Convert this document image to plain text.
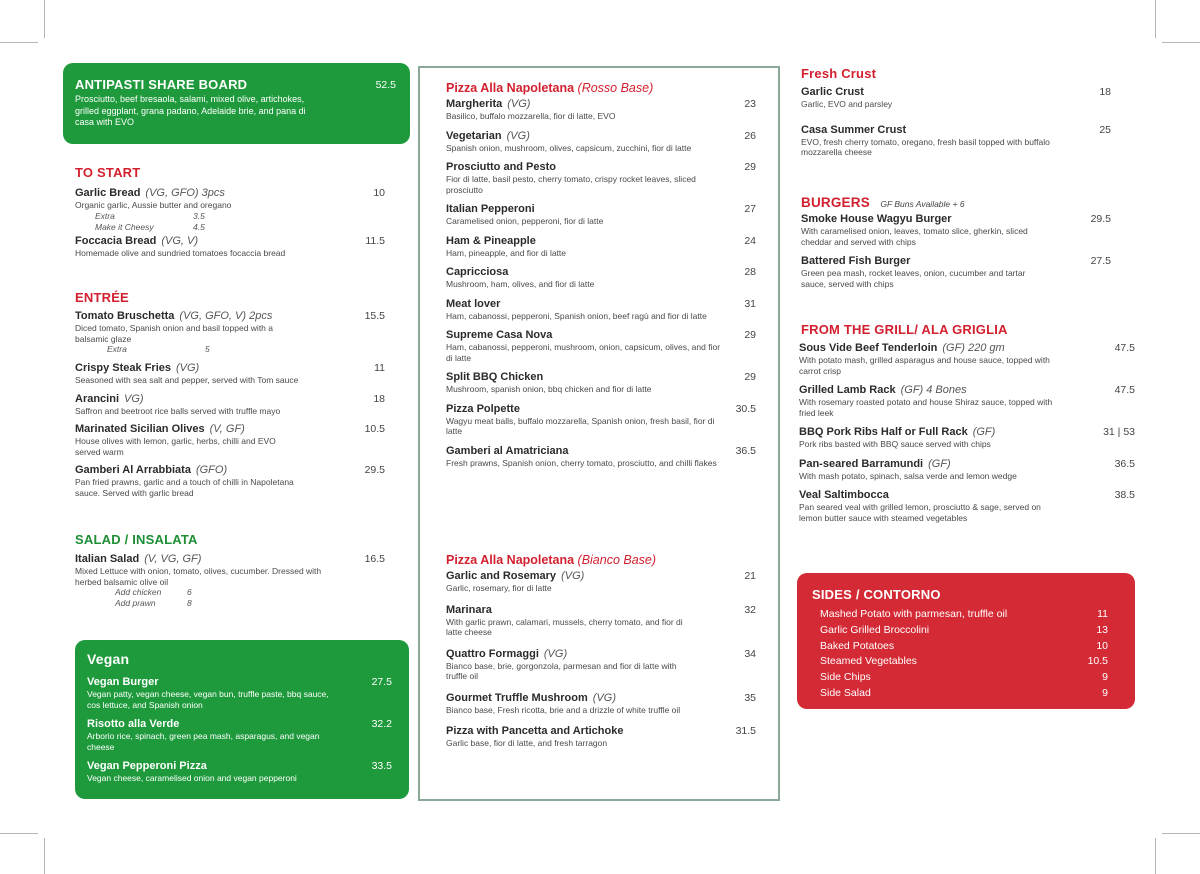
ANTIPASTI SHARE BOARD	52.5
Prosciutto, beef bresaola, salami, mixed olive, artichokes, grilled eggplant, grana padano, Adelaide brie, and pana di casa with EVO
TO START
Garlic Bread (VG, GFO) 3pcs	10
Organic garlic, Aussie butter and oregano
Extra	3.5
Make it Cheesy	4.5
Foccacia Bread (VG, V)	11.5
Homemade olive and sundried tomatoes focaccia bread
ENTRÉE
Tomato Bruschetta (VG, GFO, V) 2pcs	15.5
Diced tomato, Spanish onion and basil topped with a balsamic glaze
Extra	5
Crispy Steak Fries (VG)	11
Seasoned with sea salt and pepper, served with Tom sauce
Arancini VG)	18
Saffron and beetroot rice balls served with truffle mayo
Marinated Sicilian Olives (V, GF)	10.5
House olives with lemon, garlic, herbs, chilli and EVO served warm
Gamberi Al Arrabbiata (GFO)	29.5
Pan fried prawns, garlic and a touch of chilli in Napoletana sauce. Served with garlic bread
SALAD / INSALATA
Italian Salad (V, VG, GF)	16.5
Mixed Lettuce with onion, tomato, olives, cucumber. Dressed with herbed balsamic olive oil
Add chicken	6
Add prawn	8
Vegan
Vegan Burger	27.5
Vegan patty, vegan cheese, vegan bun, truffle paste, bbq sauce, cos lettuce, and Spanish onion
Risotto alla Verde	32.2
Arborio rice, spinach, green pea mash, asparagus, and vegan cheese
Vegan Pepperoni Pizza	33.5
Vegan cheese, caramelised onion and vegan pepperoni
Pizza Alla Napoletana (Rosso Base)
Margherita (VG)	23
Basilico, buffalo mozzarella, fior di latte, EVO
Vegetarian (VG)	26
Spanish onion, mushroom, olives, capsicum, zucchini, fior di latte
Prosciutto and Pesto	29
Fior di latte, basil pesto, cherry tomato, crispy rocket leaves, sliced prosciutto
Italian Pepperoni	27
Caramelised onion, pepperoni, fior di latte
Ham & Pineapple	24
Ham, pineapple, and fior di latte
Capricciosa	28
Mushroom, ham, olives, and fior di latte
Meat lover	31
Ham, cabanossi, pepperoni, Spanish onion, beef ragù and fior di latte
Supreme Casa Nova	29
Ham, cabanossi, pepperoni, mushroom, onion, capsicum, olives, and fior di latte
Split BBQ Chicken	29
Mushroom, spanish onion, bbq chicken and fior di latte
Pizza Polpette	30.5
Wagyu meat balls, buffalo mozzarella, Spanish onion, fresh basil, fior di latte
Gamberi al Amatriciana	36.5
Fresh prawns, Spanish onion, cherry tomato, prosciutto, and chilli flakes
Pizza Alla Napoletana (Bianco Base)
Garlic and Rosemary (VG)	21
Garlic, rosemary, fior di latte
Marinara	32
With garlic prawn, calamari, mussels, cherry tomato, and fior di latte cheese
Quattro Formaggi (VG)	34
Bianco base, brie, gorgonzola, parmesan and fior di latte with truffle oil
Gourmet Truffle Mushroom (VG)	35
Bianco base, Fresh ricotta, brie and a drizzle of white truffle oil
Pizza with Pancetta and Artichoke	31.5
Garlic base, fior di latte, and fresh tarragon
Fresh Crust
Garlic Crust	18
Garlic, EVO and parsley
Casa Summer Crust	25
EVO, fresh cherry tomato, oregano, fresh basil topped with buffalo mozzarella cheese
BURGERS GF Buns Available + 6
Smoke House Wagyu Burger	29.5
With caramelised onion, leaves, tomato slice, gherkin, sliced cheddar and served with chips
Battered Fish Burger	27.5
Green pea mash, rocket leaves, onion, cucumber and tartar sauce, served with chips
FROM THE GRILL/ ALA GRIGLIA
Sous Vide Beef Tenderloin (GF) 220 gm	47.5
With potato mash, grilled asparagus and house sauce, topped with carrot crisp
Grilled Lamb Rack (GF) 4 Bones	47.5
With rosemary roasted potato and house Shiraz sauce, topped with fried leek
BBQ Pork Ribs Half or Full Rack (GF)	31 | 53
Pork ribs basted with BBQ sauce served with chips
Pan-seared Barramundi (GF)	36.5
With mash potato, spinach, salsa verde and lemon wedge
Veal Saltimbocca	38.5
Pan seared veal with grilled lemon, prosciutto & sage, served on lemon butter sauce with steamed vegetables
SIDES / CONTORNO
Mashed Potato with parmesan, truffle oil	11
Garlic Grilled Broccolini	13
Baked Potatoes	10
Steamed Vegetables	10.5
Side Chips	9
Side Salad	9
